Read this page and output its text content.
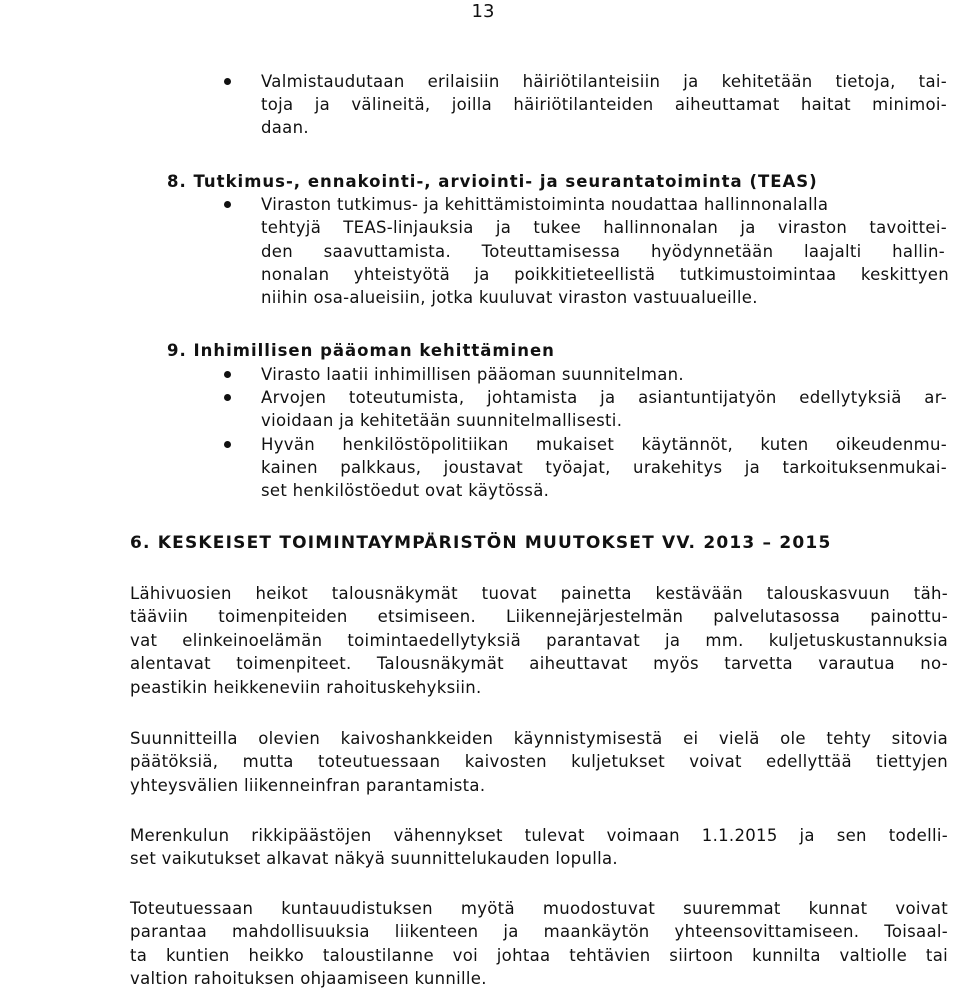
13
Valmistaudutaan erilaisiin häiriötilanteisiin ja kehitetään tietoja, tai-
toja ja välineitä, joilla häiriötilanteiden aiheuttamat haitat minimoi-
daan.
8. Tutkimus-, ennakointi-, arviointi- ja seurantatoiminta (TEAS)
Viraston tutkimus- ja kehittämistoiminta noudattaa hallinnonalalla
tehtyjä TEAS-linjauksia ja tukee hallinnonalan ja viraston tavoittei-
den saavuttamista. Toteuttamisessa hyödynnetään laajalti hallin-
nonalan yhteistyötä ja poikkitieteellistä tutkimustoimintaa keskittyen
niihin osa-alueisiin, jotka kuuluvat viraston vastuualueille.
9. Inhimillisen pääoman kehittäminen
Virasto laatii inhimillisen pääoman suunnitelman.
Arvojen toteutumista, johtamista ja asiantuntijatyön edellytyksiä ar-
vioidaan ja kehitetään suunnitelmallisesti.
Hyvän henkilöstöpolitiikan mukaiset käytännöt, kuten oikeudenmu-
kainen palkkaus, joustavat työajat, urakehitys ja tarkoituksenmukai-
set henkilöstöedut ovat käytössä.
6. KESKEISET TOIMINTAYMPÄRISTÖN MUUTOKSET VV. 2013 – 2015
Lähivuosien heikot talousnäkymät tuovat painetta kestävään talouskasvuun täh-
tääviin toimenpiteiden etsimiseen. Liikennejärjestelmän palvelutasossa painottu-
vat elinkeinoelämän toimintaedellytyksiä parantavat ja mm. kuljetuskustannuksia
alentavat toimenpiteet. Talousnäkymät aiheuttavat myös tarvetta varautua no-
peastikin heikkeneviin rahoituskehyksiin.
Suunnitteilla olevien kaivoshankkeiden käynnistymisestä ei vielä ole tehty sitovia
päätöksiä, mutta toteutuessaan kaivosten kuljetukset voivat edellyttää tiettyjen
yhteysvälien liikenneinfran parantamista.
Merenkulun rikkipäästöjen vähennykset tulevat voimaan 1.1.2015 ja sen todelli-
set vaikutukset alkavat näkyä suunnittelukauden lopulla.
Toteutuessaan kuntauudistuksen myötä muodostuvat suuremmat kunnat voivat
parantaa mahdollisuuksia liikenteen ja maankäytön yhteensovittamiseen. Toisaal-
ta kuntien heikko taloustilanne voi johtaa tehtävien siirtoon kunnilta valtiolle tai
valtion rahoituksen ohjaamiseen kunnille.
